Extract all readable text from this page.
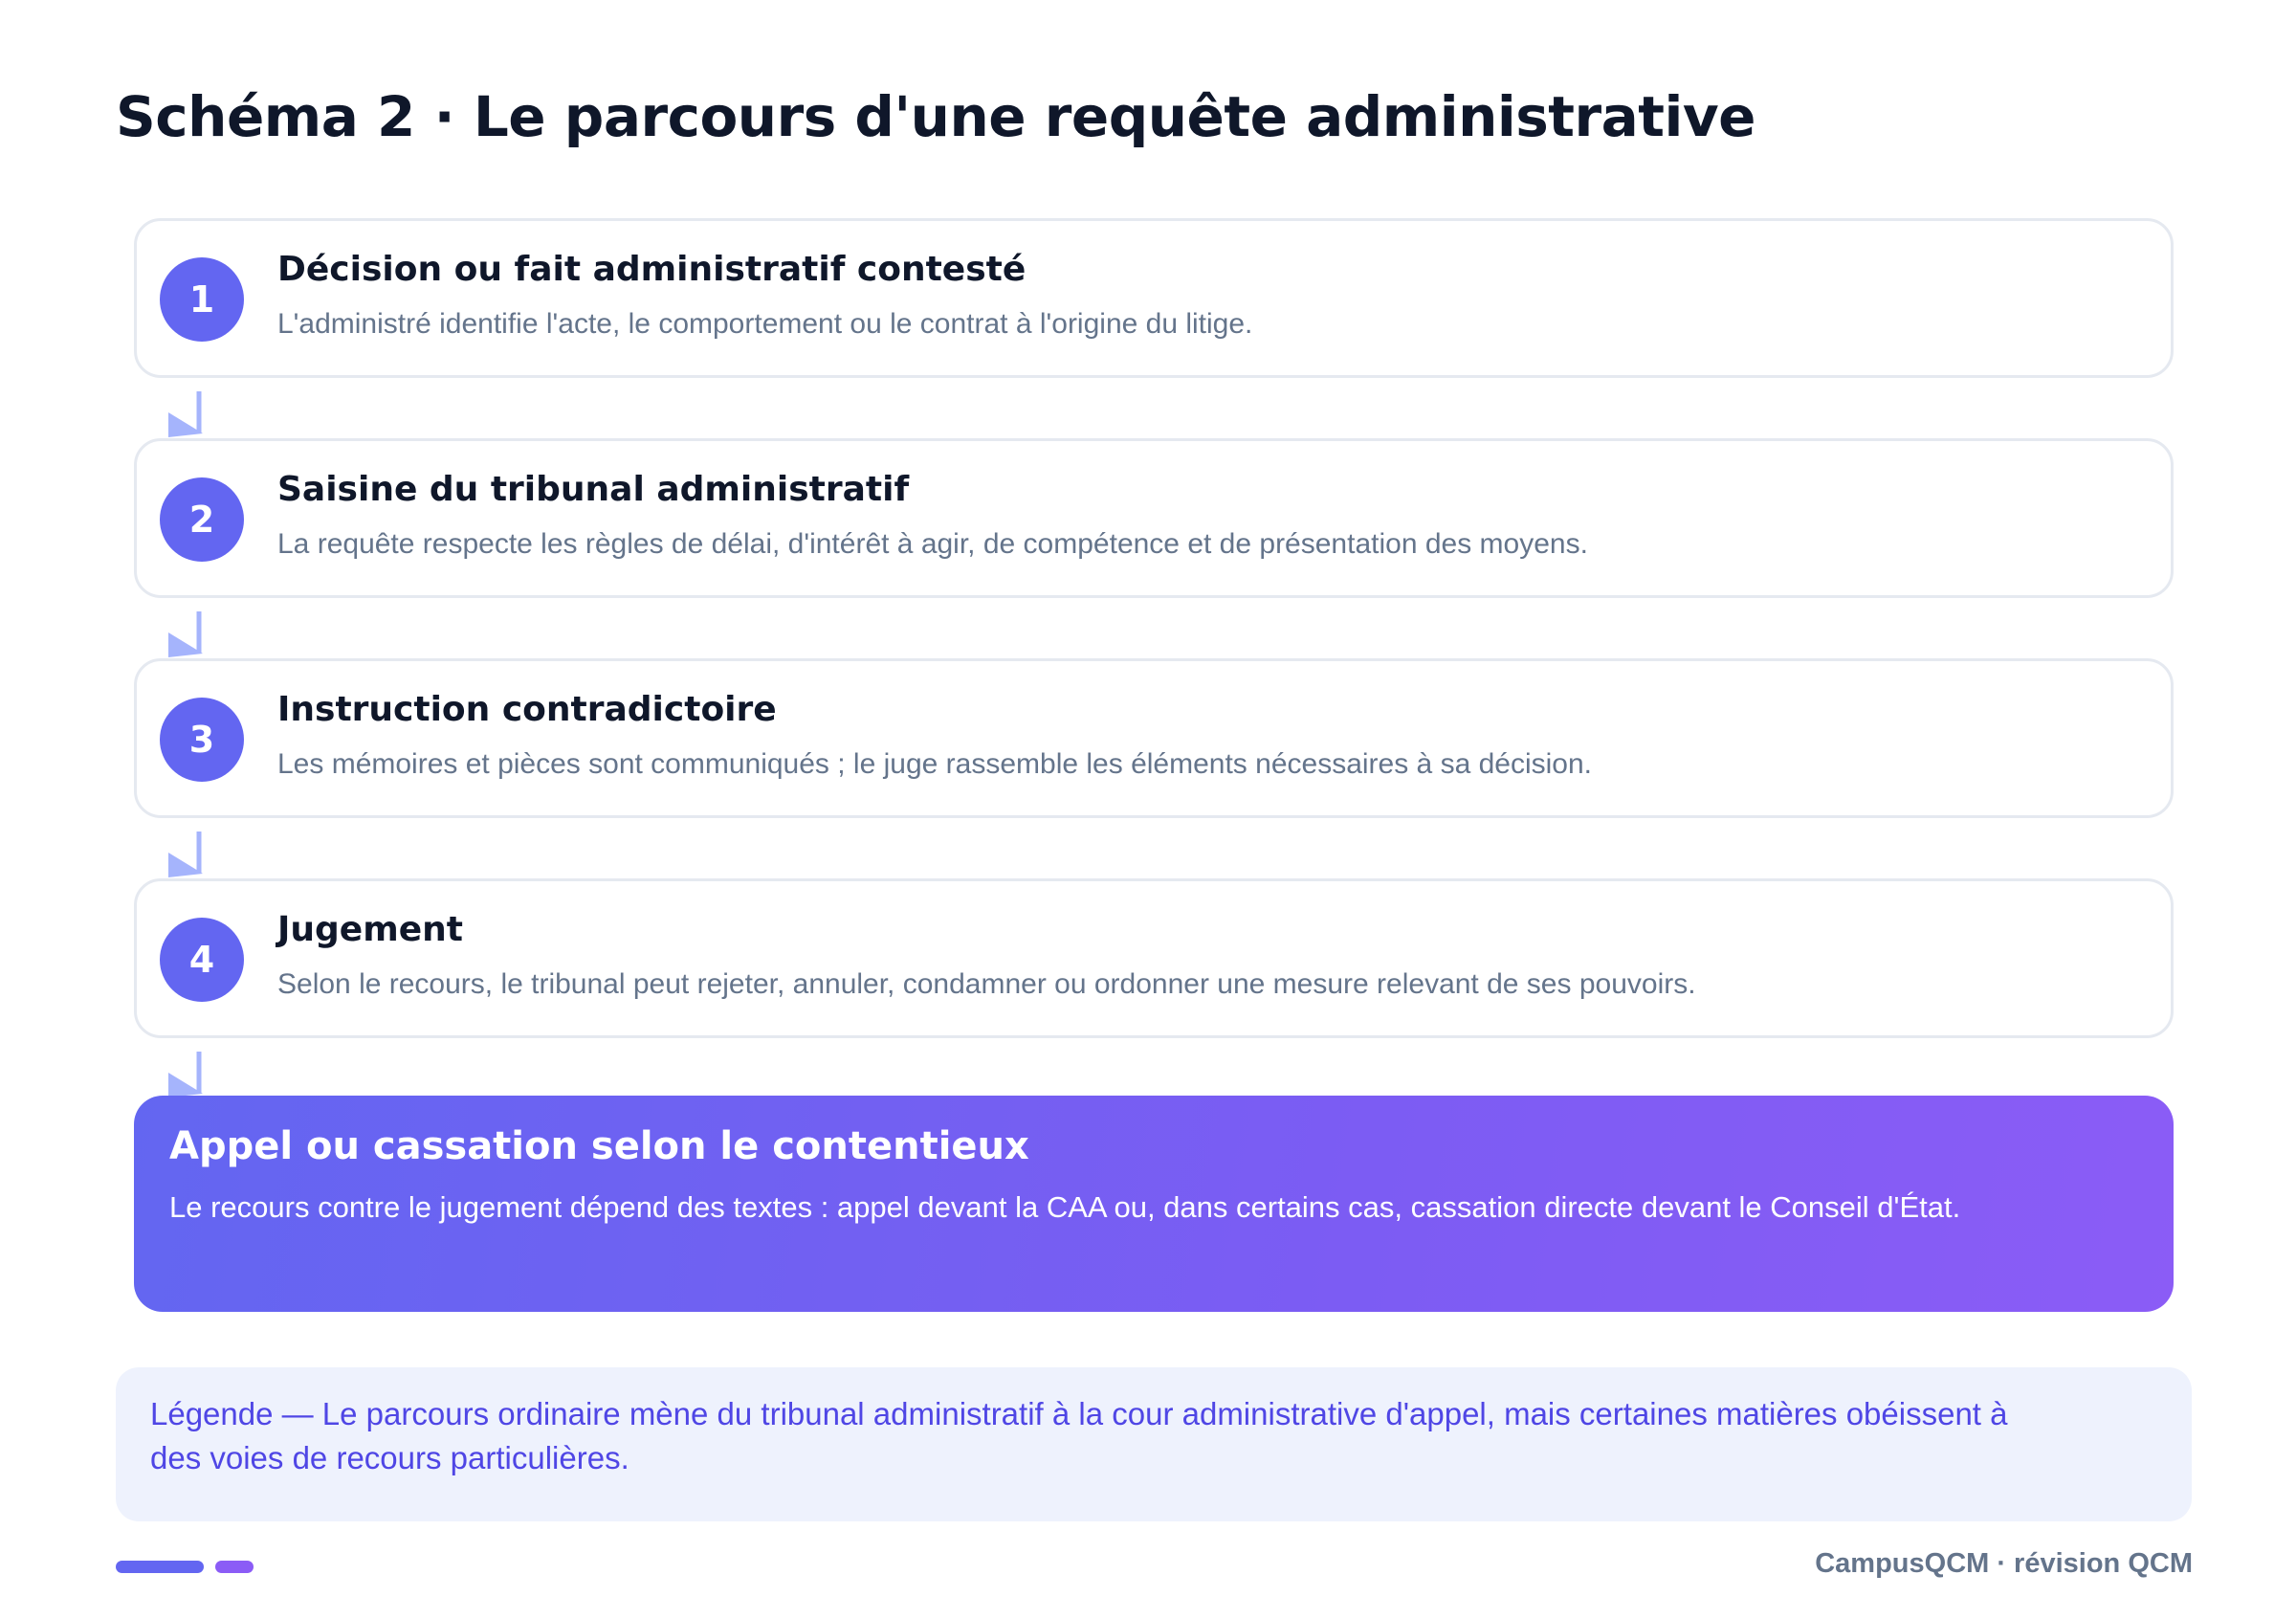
Schéma 2 · Le parcours d'une requête administrative
1
Décision ou fait administratif contesté
L'administré identifie l'acte, le comportement ou le contrat à l'origine du litige.
2
Saisine du tribunal administratif
La requête respecte les règles de délai, d'intérêt à agir, de compétence et de présentation des moyens.
3
Instruction contradictoire
Les mémoires et pièces sont communiqués ; le juge rassemble les éléments nécessaires à sa décision.
4
Jugement
Selon le recours, le tribunal peut rejeter, annuler, condamner ou ordonner une mesure relevant de ses pouvoirs.
Appel ou cassation selon le contentieux
Le recours contre le jugement dépend des textes : appel devant la CAA ou, dans certains cas, cassation directe devant le Conseil d'État.
Légende — Le parcours ordinaire mène du tribunal administratif à la cour administrative d'appel, mais certaines matières obéissent à des voies de recours particulières.
CampusQCM · révision QCM
